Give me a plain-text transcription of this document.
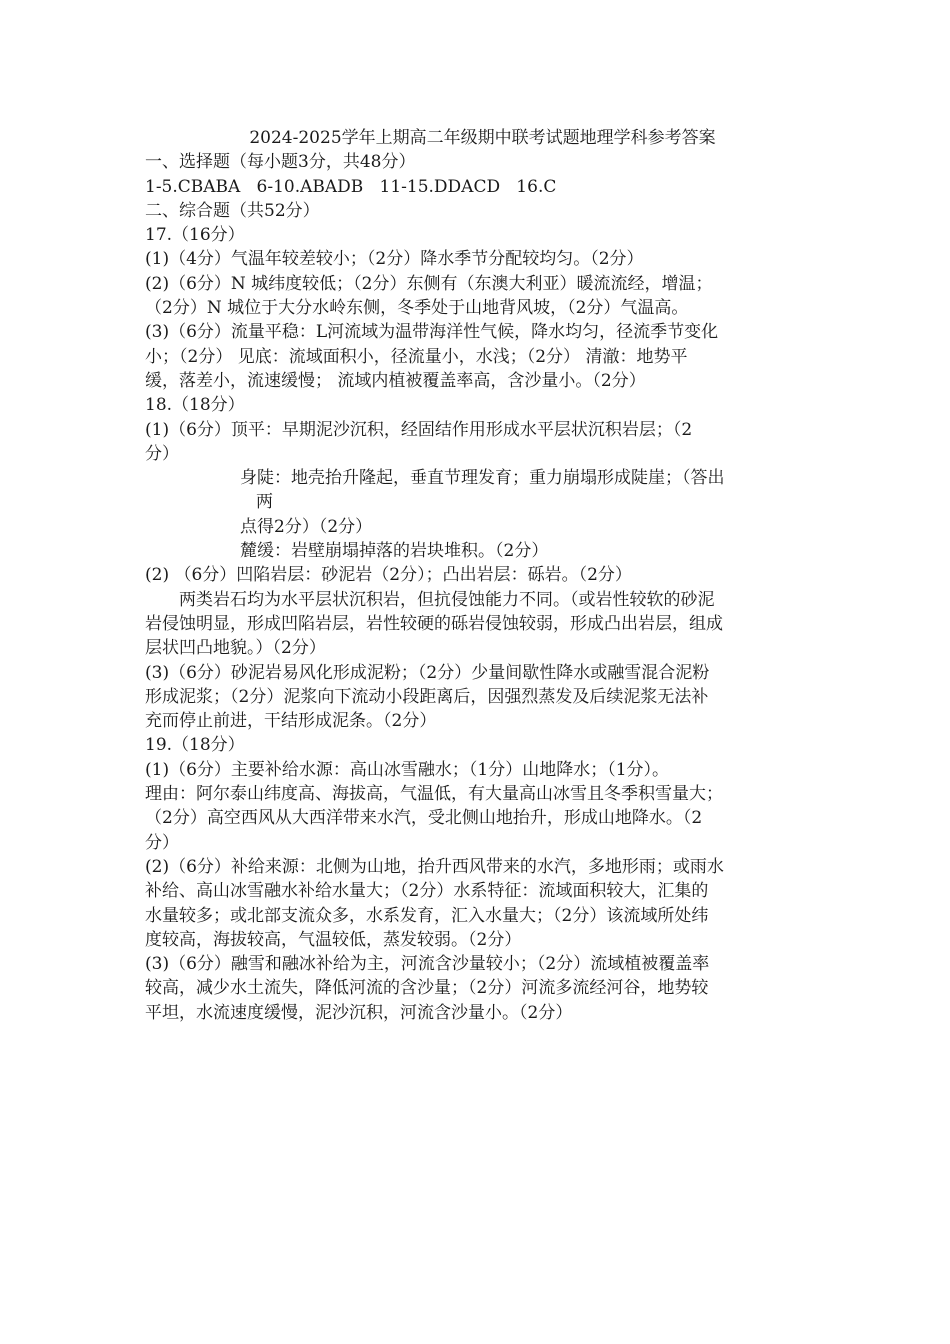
2024-2025学年上期高二年级期中联考试题地理学科参考答案
一、选择题（每小题3分，共48分）
1-5.CBABA   6-10.ABADB   11-15.DDACD   16.C
二、综合题（共52分）
17.（16分）
(1)（4分）气温年较差较小；（2分）降水季节分配较均匀。（2分）
(2)（6分）N 城纬度较低；（2分）东侧有（东澳大利亚）暖流流经，增温；
（2分）N 城位于大分水岭东侧，冬季处于山地背风坡，（2分）气温高。
(3)（6分）流量平稳：L河流域为温带海洋性气候，降水均匀，径流季节变化
小；（2分） 见底：流域面积小，径流量小，水浅；（2分） 清澈：地势平
缓，落差小，流速缓慢； 流域内植被覆盖率高，含沙量小。（2分）
18.（18分）
(1)（6分）顶平：早期泥沙沉积，经固结作用形成水平层状沉积岩层；（2
分）
身陡：地壳抬升隆起，垂直节理发育；重力崩塌形成陡崖；（答出
两
点得2分）（2分）
麓缓：岩壁崩塌掉落的岩块堆积。（2分）
(2) （6分）凹陷岩层：砂泥岩（2分）；凸出岩层：砾岩。（2分）
两类岩石均为水平层状沉积岩，但抗侵蚀能力不同。（或岩性较软的砂泥
岩侵蚀明显，形成凹陷岩层，岩性较硬的砾岩侵蚀较弱，形成凸出岩层，组成
层状凹凸地貌。）（2分）
(3)（6分）砂泥岩易风化形成泥粉；（2分）少量间歇性降水或融雪混合泥粉
形成泥浆；（2分）泥浆向下流动小段距离后，因强烈蒸发及后续泥浆无法补
充而停止前进，干结形成泥条。（2分）
19.（18分）
(1)（6分）主要补给水源：高山冰雪融水；（1分）山地降水；（1分）。
理由：阿尔泰山纬度高、海拔高，气温低，有大量高山冰雪且冬季积雪量大；
（2分）高空西风从大西洋带来水汽，受北侧山地抬升，形成山地降水。（2
分）
(2)（6分）补给来源：北侧为山地，抬升西风带来的水汽，多地形雨；或雨水
补给、高山冰雪融水补给水量大；（2分）水系特征：流域面积较大，汇集的
水量较多；或北部支流众多，水系发育，汇入水量大；（2分）该流域所处纬
度较高，海拔较高，气温较低，蒸发较弱。（2分）
(3)（6分）融雪和融冰补给为主，河流含沙量较小；（2分）流域植被覆盖率
较高，减少水土流失，降低河流的含沙量；（2分）河流多流经河谷，地势较
平坦，水流速度缓慢，泥沙沉积，河流含沙量小。（2分）
